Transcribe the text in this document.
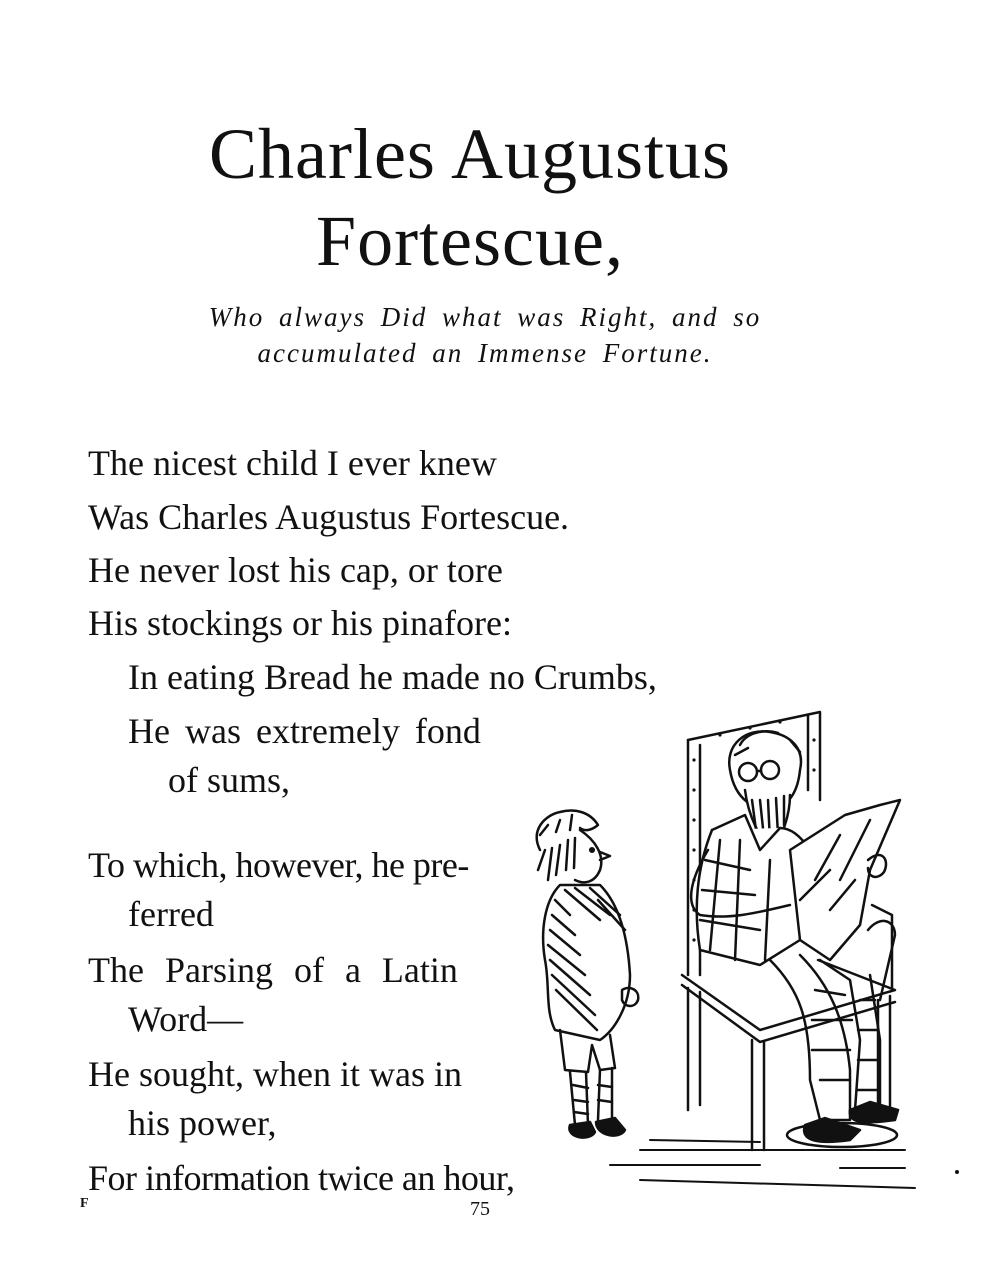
Charles Augustus
Fortescue,
Who always Did what was Right, and so
accumulated an Immense Fortune.
The nicest child I ever knew
Was Charles Augustus Fortescue.
He never lost his cap, or tore
His stockings or his pinafore:
In eating Bread he made no Crumbs,
He was extremely fond
of sums,
To which, however, he pre-
ferred
The Parsing of a Latin
Word—
He sought, when it was in
his power,
For information twice an hour,
F	75
